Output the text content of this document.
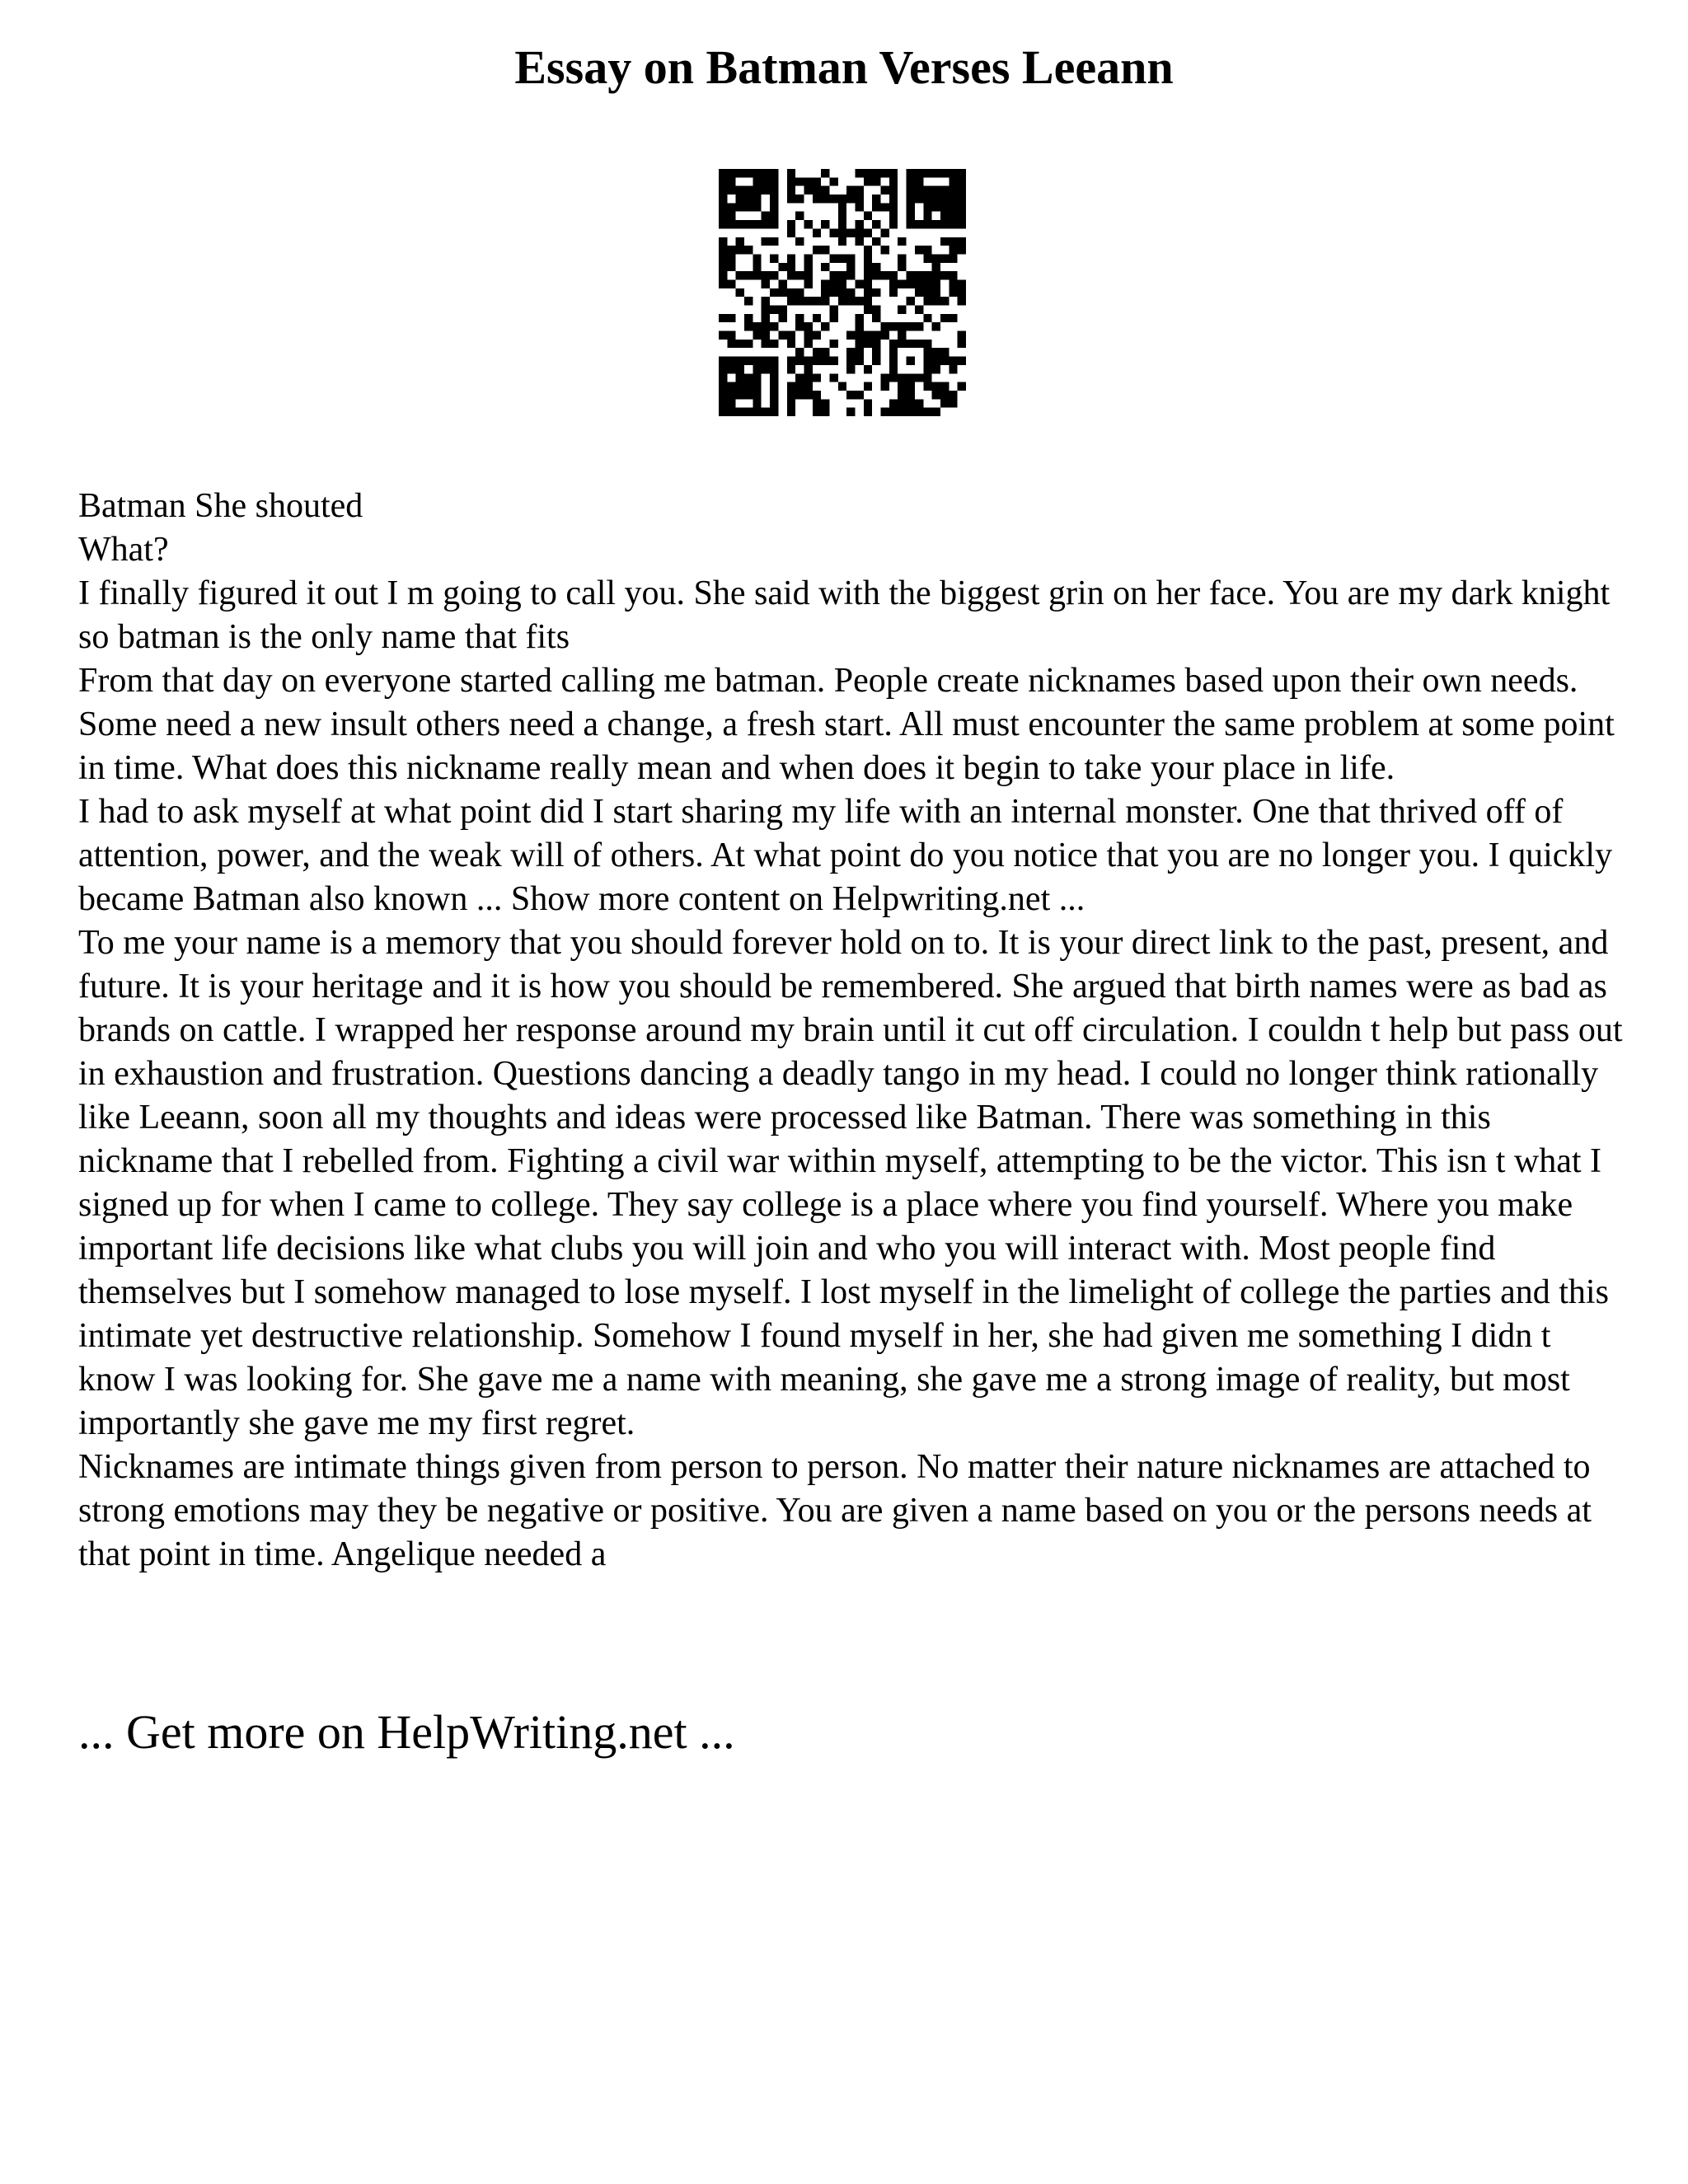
Essay on Batman Verses Leeann

Batman She shouted

What?

I finally figured it out I m going to call you. She said with the biggest grin on her face. You are my dark knight so batman is the only name that fits

From that day on everyone started calling me batman. People create nicknames based upon their own needs. Some need a new insult others need a change, a fresh start. All must encounter the same problem at some point in time. What does this nickname really mean and when does it begin to take your place in life.

I had to ask myself at what point did I start sharing my life with an internal monster. One that thrived off of attention, power, and the weak will of others. At what point do you notice that you are no longer you. I quickly became Batman also known ... Show more content on Helpwriting.net ...

To me your name is a memory that you should forever hold on to. It is your direct link to the past, present, and future. It is your heritage and it is how you should be remembered. She argued that birth names were as bad as brands on cattle. I wrapped her response around my brain until it cut off circulation. I couldn t help but pass out in exhaustion and frustration. Questions dancing a deadly tango in my head. I could no longer think rationally like Leeann, soon all my thoughts and ideas were processed like Batman. There was something in this nickname that I rebelled from. Fighting a civil war within myself, attempting to be the victor. This isn t what I signed up for when I came to college. They say college is a place where you find yourself. Where you make important life decisions like what clubs you will join and who you will interact with. Most people find themselves but I somehow managed to lose myself. I lost myself in the limelight of college the parties and this intimate yet destructive relationship. Somehow I found myself in her, she had given me something I didn t know I was looking for. She gave me a name with meaning, she gave me a strong image of reality, but most importantly she gave me my first regret.

Nicknames are intimate things given from person to person. No matter their nature nicknames are attached to strong emotions may they be negative or positive. You are given a name based on you or the persons needs at that point in time. Angelique needed a

... Get more on HelpWriting.net ...
